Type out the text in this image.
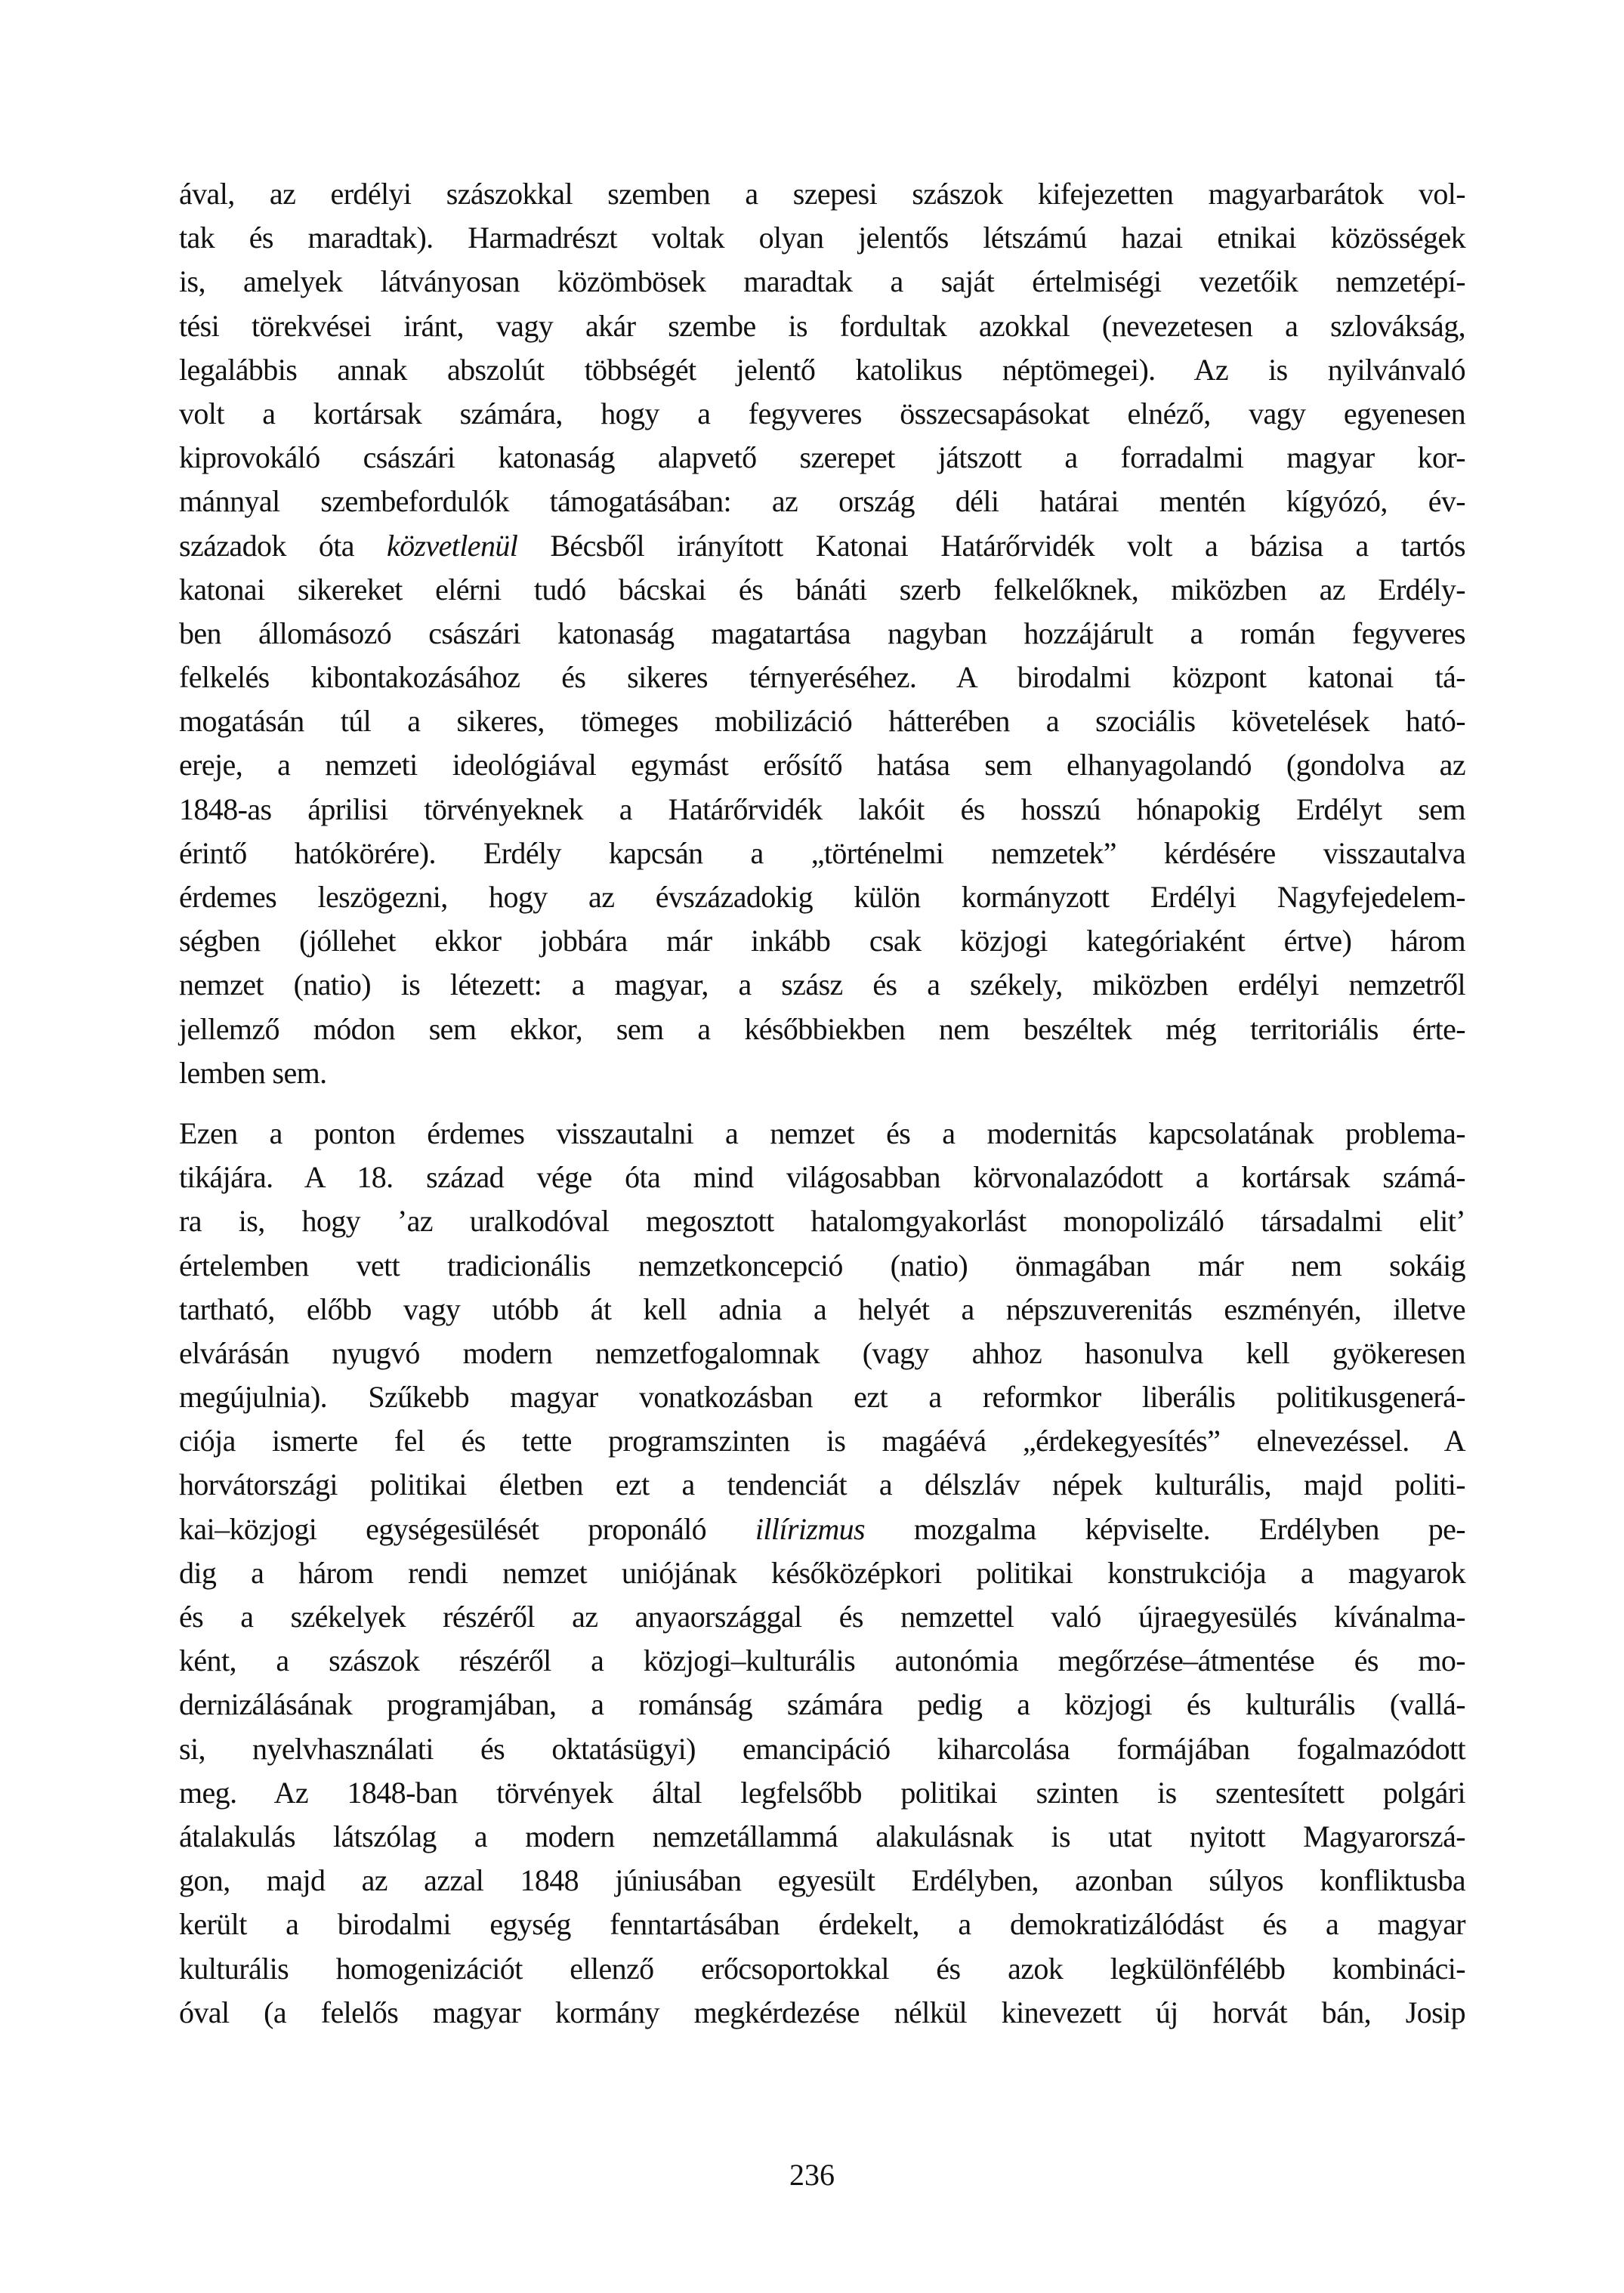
ával, az erdélyi szászokkal szemben a szepesi szászok kifejezetten magyarbarátok vol-
tak és maradtak). Harmadrészt voltak olyan jelentős létszámú hazai etnikai közösségek
is, amelyek látványosan közömbösek maradtak a saját értelmiségi vezetőik nemzetépí-
tési törekvései iránt, vagy akár szembe is fordultak azokkal (nevezetesen a szlovákság,
legalábbis annak abszolút többségét jelentő katolikus néptömegei). Az is nyilvánvaló
volt a kortársak számára, hogy a fegyveres összecsapásokat elnéző, vagy egyenesen
kiprovokáló császári katonaság alapvető szerepet játszott a forradalmi magyar kor-
mánnyal szembefordulók támogatásában: az ország déli határai mentén kígyózó, év-
századok óta közvetlenül Bécsből irányított Katonai Határőrvidék volt a bázisa a tartós
katonai sikereket elérni tudó bácskai és bánáti szerb felkelőknek, miközben az Erdély-
ben állomásozó császári katonaság magatartása nagyban hozzájárult a román fegyveres
felkelés kibontakozásához és sikeres térnyeréséhez. A birodalmi központ katonai tá-
mogatásán túl a sikeres, tömeges mobilizáció hátterében a szociális követelések ható-
ereje, a nemzeti ideológiával egymást erősítő hatása sem elhanyagolandó (gondolva az
1848-as áprilisi törvényeknek a Határőrvidék lakóit és hosszú hónapokig Erdélyt sem
érintő hatókörére). Erdély kapcsán a „történelmi nemzetek” kérdésére visszautalva
érdemes leszögezni, hogy az évszázadokig külön kormányzott Erdélyi Nagyfejedelem-
ségben (jóllehet ekkor jobbára már inkább csak közjogi kategóriaként értve) három
nemzet (natio) is létezett: a magyar, a szász és a székely, miközben erdélyi nemzetről
jellemző módon sem ekkor, sem a későbbiekben nem beszéltek még territoriális érte-
lemben sem.
Ezen a ponton érdemes visszautalni a nemzet és a modernitás kapcsolatának problema-
tikájára. A 18. század vége óta mind világosabban körvonalazódott a kortársak számá-
ra is, hogy ’az uralkodóval megosztott hatalomgyakorlást monopolizáló társadalmi elit’
értelemben vett tradicionális nemzetkoncepció (natio) önmagában már nem sokáig
tartható, előbb vagy utóbb át kell adnia a helyét a népszuverenitás eszményén, illetve
elvárásán nyugvó modern nemzetfogalomnak (vagy ahhoz hasonulva kell gyökeresen
megújulnia). Szűkebb magyar vonatkozásban ezt a reformkor liberális politikusgenerá-
ciója ismerte fel és tette programszinten is magáévá „érdekegyesítés” elnevezéssel. A
horvátországi politikai életben ezt a tendenciát a délszláv népek kulturális, majd politi-
kai–közjogi egységesülését proponáló illírizmus mozgalma képviselte. Erdélyben pe-
dig a három rendi nemzet uniójának későközépkori politikai konstrukciója a magyarok
és a székelyek részéről az anyaországgal és nemzettel való újraegyesülés kívánalma-
ként, a szászok részéről a közjogi–kulturális autonómia megőrzése–átmentése és mo-
dernizálásának programjában, a románság számára pedig a közjogi és kulturális (vallá-
si, nyelvhasználati és oktatásügyi) emancipáció kiharcolása formájában fogalmazódott
meg. Az 1848-ban törvények által legfelsőbb politikai szinten is szentesített polgári
átalakulás látszólag a modern nemzetállammá alakulásnak is utat nyitott Magyarorszá-
gon, majd az azzal 1848 júniusában egyesült Erdélyben, azonban súlyos konfliktusba
került a birodalmi egység fenntartásában érdekelt, a demokratizálódást és a magyar
kulturális homogenizációt ellenző erőcsoportokkal és azok legkülönfélébb kombináci-
óval (a felelős magyar kormány megkérdezése nélkül kinevezett új horvát bán, Josip
236
